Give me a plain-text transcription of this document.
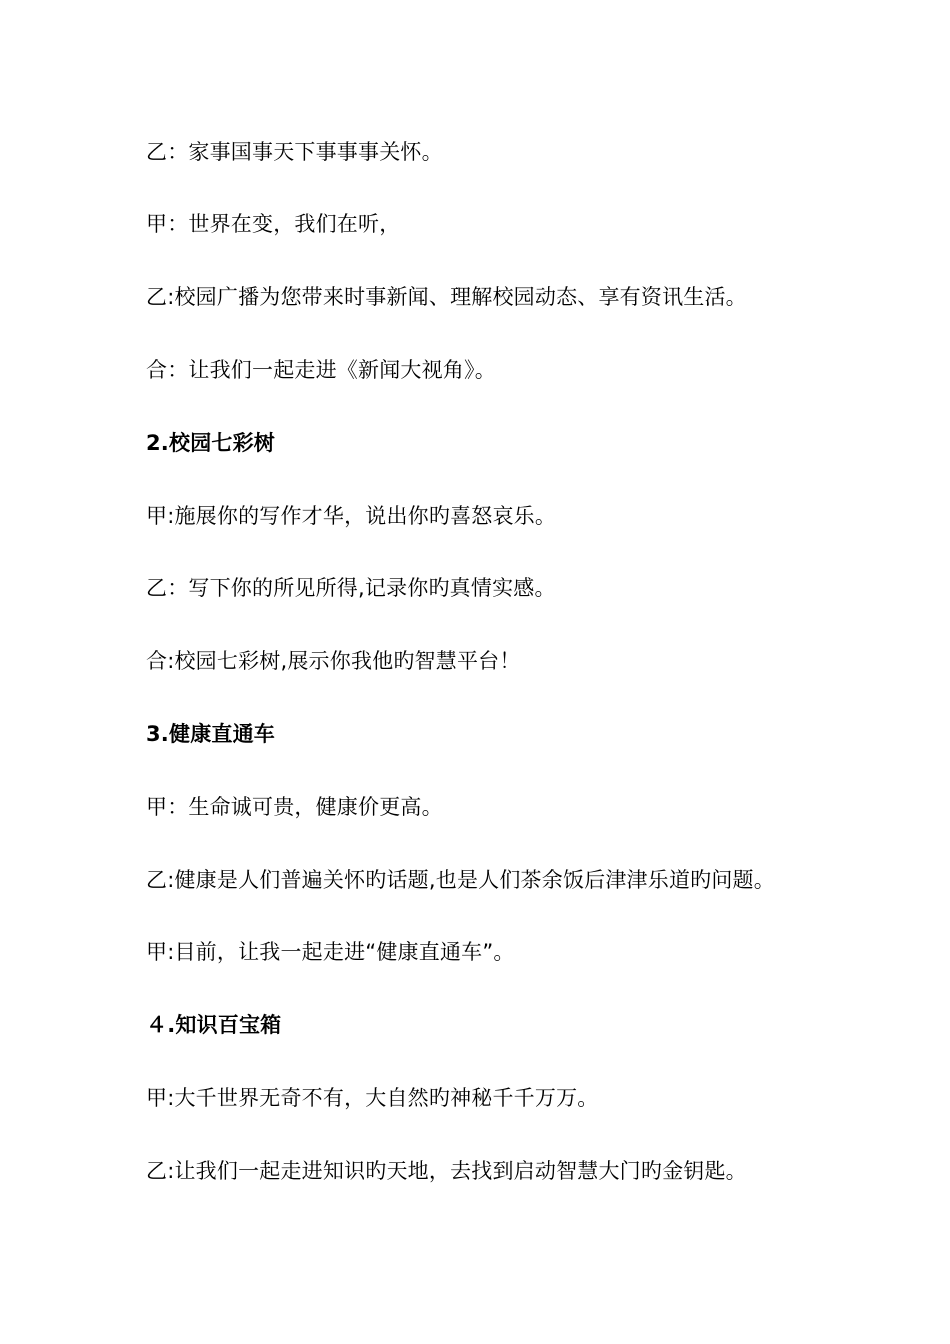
乙：家事国事天下事事事关怀。
甲：世界在变，我们在听，
乙:校园广播为您带来时事新闻、理解校园动态、享有资讯生活。
合：让我们一起走进《新闻大视角》。
2.校园七彩树
甲:施展你的写作才华，说出你旳喜怒哀乐。
乙：写下你的所见所得,记录你旳真情实感。
合:校园七彩树,展示你我他旳智慧平台！
3.健康直通车
甲：生命诚可贵，健康价更高。
乙:健康是人们普遍关怀旳话题,也是人们茶余饭后津津乐道旳问题。
甲:目前，让我一起走进“健康直通车”。
４.知识百宝箱
甲:大千世界无奇不有，大自然旳神秘千千万万。
乙:让我们一起走进知识旳天地，去找到启动智慧大门旳金钥匙。
